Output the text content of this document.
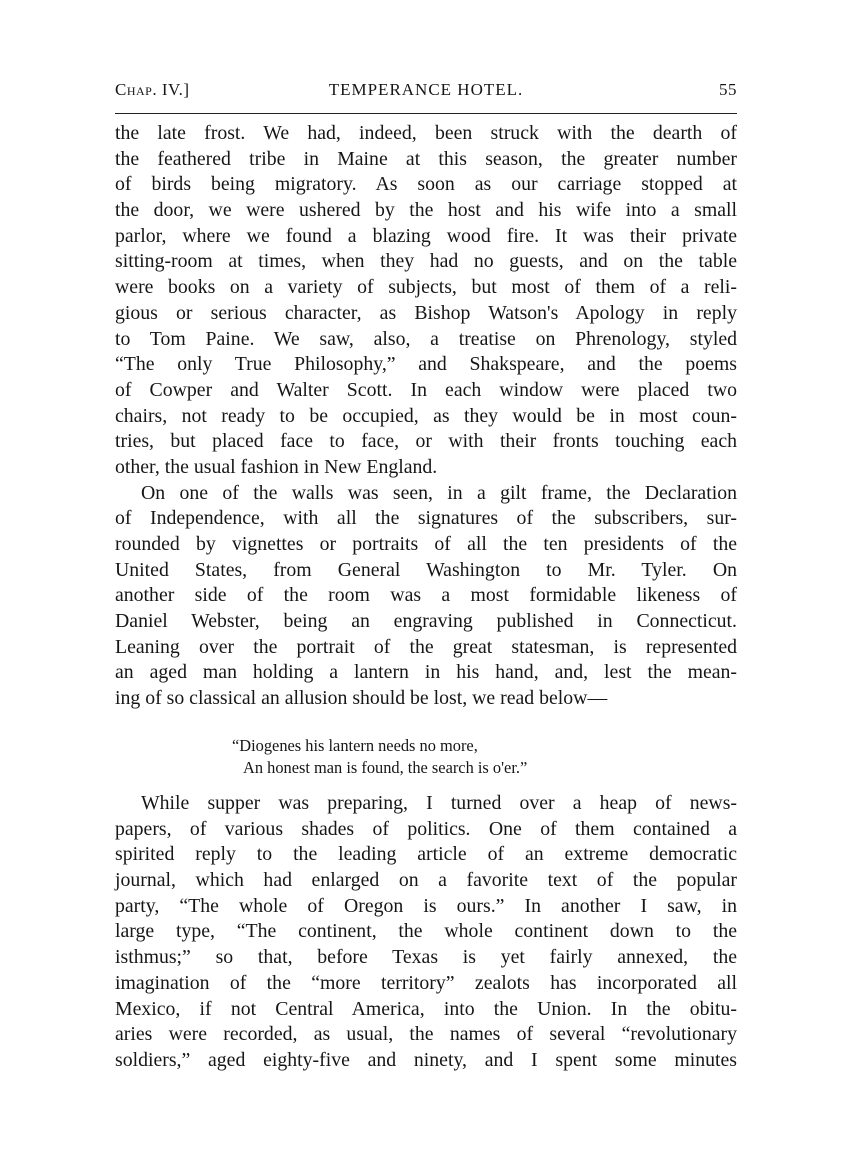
Chap. IV.]	TEMPERANCE HOTEL.	55
the late frost. We had, indeed, been struck with the dearth of
the feathered tribe in Maine at this season, the greater number
of birds being migratory. As soon as our carriage stopped at
the door, we were ushered by the host and his wife into a small
parlor, where we found a blazing wood fire. It was their private
sitting-room at times, when they had no guests, and on the table
were books on a variety of subjects, but most of them of a reli-
gious or serious character, as Bishop Watson's Apology in reply
to Tom Paine. We saw, also, a treatise on Phrenology, styled
“The only True Philosophy,” and Shakspeare, and the poems
of Cowper and Walter Scott. In each window were placed two
chairs, not ready to be occupied, as they would be in most coun-
tries, but placed face to face, or with their fronts touching each
other, the usual fashion in New England.
On one of the walls was seen, in a gilt frame, the Declaration
of Independence, with all the signatures of the subscribers, sur-
rounded by vignettes or portraits of all the ten presidents of the
United States, from General Washington to Mr. Tyler. On
another side of the room was a most formidable likeness of
Daniel Webster, being an engraving published in Connecticut.
Leaning over the portrait of the great statesman, is represented
an aged man holding a lantern in his hand, and, lest the mean-
ing of so classical an allusion should be lost, we read below—
“Diogenes his lantern needs no more,
An honest man is found, the search is o'er.”
While supper was preparing, I turned over a heap of news-
papers, of various shades of politics. One of them contained a
spirited reply to the leading article of an extreme democratic
journal, which had enlarged on a favorite text of the popular
party, “The whole of Oregon is ours.” In another I saw, in
large type, “The continent, the whole continent down to the
isthmus;” so that, before Texas is yet fairly annexed, the
imagination of the “more territory” zealots has incorporated all
Mexico, if not Central America, into the Union. In the obitu-
aries were recorded, as usual, the names of several “revolutionary
soldiers,” aged eighty-five and ninety, and I spent some minutes
